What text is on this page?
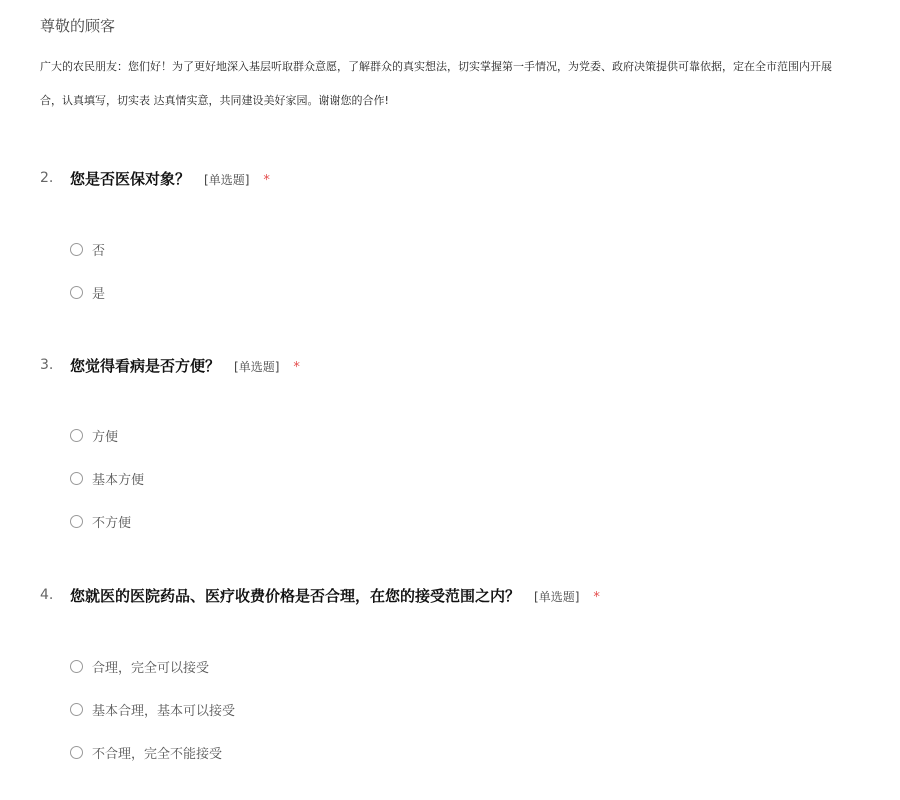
尊敬的顾客
广大的农民朋友：您们好！为了更好地深入基层听取群众意愿，了解群众的真实想法，切实掌握第一手情况，为党委、政府决策提供可靠依据，定在全市范围内开展
合，认真填写，切实表 达真情实意，共同建设美好家园。谢谢您的合作!
2. 您是否医保对象？ [单选题] *
否
是
3. 您觉得看病是否方便？ [单选题] *
方便
基本方便
不方便
4. 您就医的医院药品、医疗收费价格是否合理，在您的接受范围之内？ [单选题] *
合理，完全可以接受
基本合理，基本可以接受
不合理，完全不能接受
